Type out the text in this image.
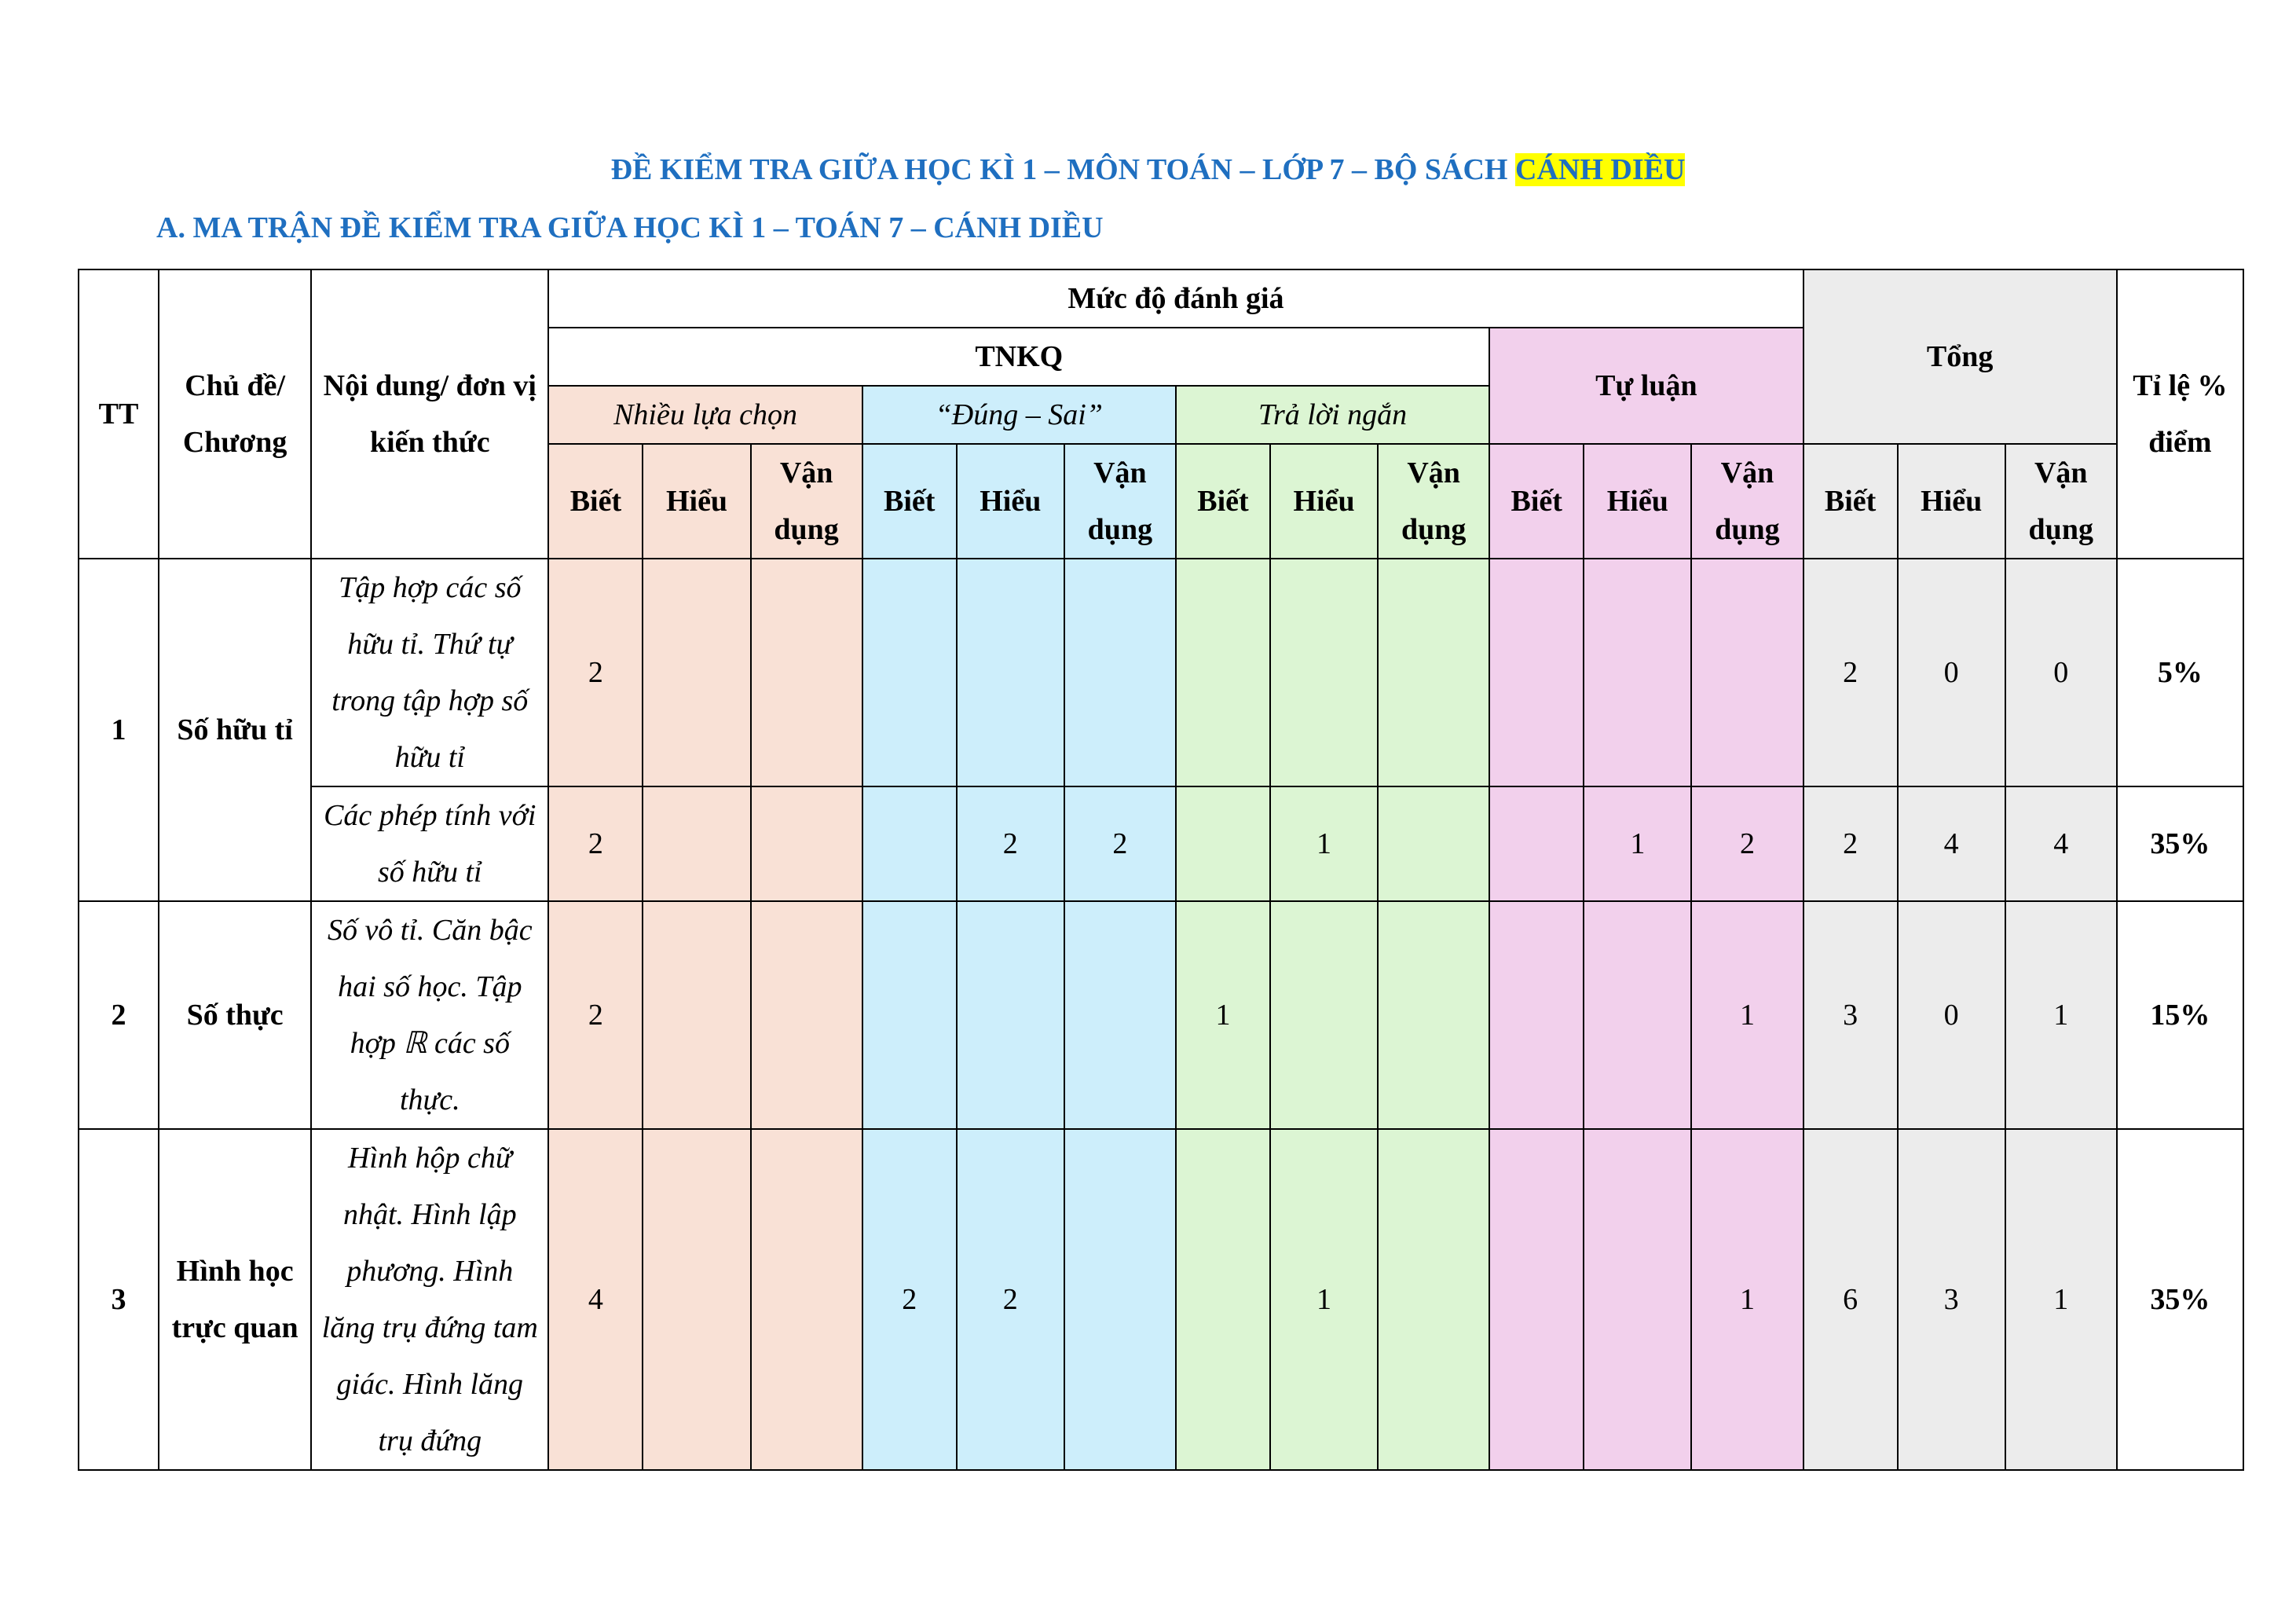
ĐỀ KIỂM TRA GIỮA HỌC KÌ 1 – MÔN TOÁN – LỚP 7 – BỘ SÁCH CÁNH DIỀU
A. MA TRẬN ĐỀ KIỂM TRA GIỮA HỌC KÌ 1 – TOÁN 7 – CÁNH DIỀU
TT	Chủ đề/ Chương	Nội dung/ đơn vị kiến thức	Mức độ đánh giá												Tổng			Tỉ lệ % điểm
			TNKQ									Tự luận						
			Nhiều lựa chọn			“Đúng – Sai”			Trả lời ngắn									
			Biết	Hiểu	Vận dụng	Biết	Hiểu	Vận dụng	Biết	Hiểu	Vận dụng	Biết	Hiểu	Vận dụng	Biết	Hiểu	Vận dụng	
1	Số hữu tỉ	Tập hợp các số hữu tỉ. Thứ tự trong tập hợp số hữu tỉ	2												2	0	0	5%
		Các phép tính với số hữu tỉ	2				2	2		1			1	2	2	4	4	35%
2	Số thực	Số vô tỉ. Căn bậc hai số học. Tập hợp ℝ các số thực.	2						1					1	3	0	1	15%
3	Hình học trực quan	Hình hộp chữ nhật. Hình lập phương. Hình lăng trụ đứng tam giác. Hình lăng trụ đứng	4			2	2			1				1	6	3	1	35%
